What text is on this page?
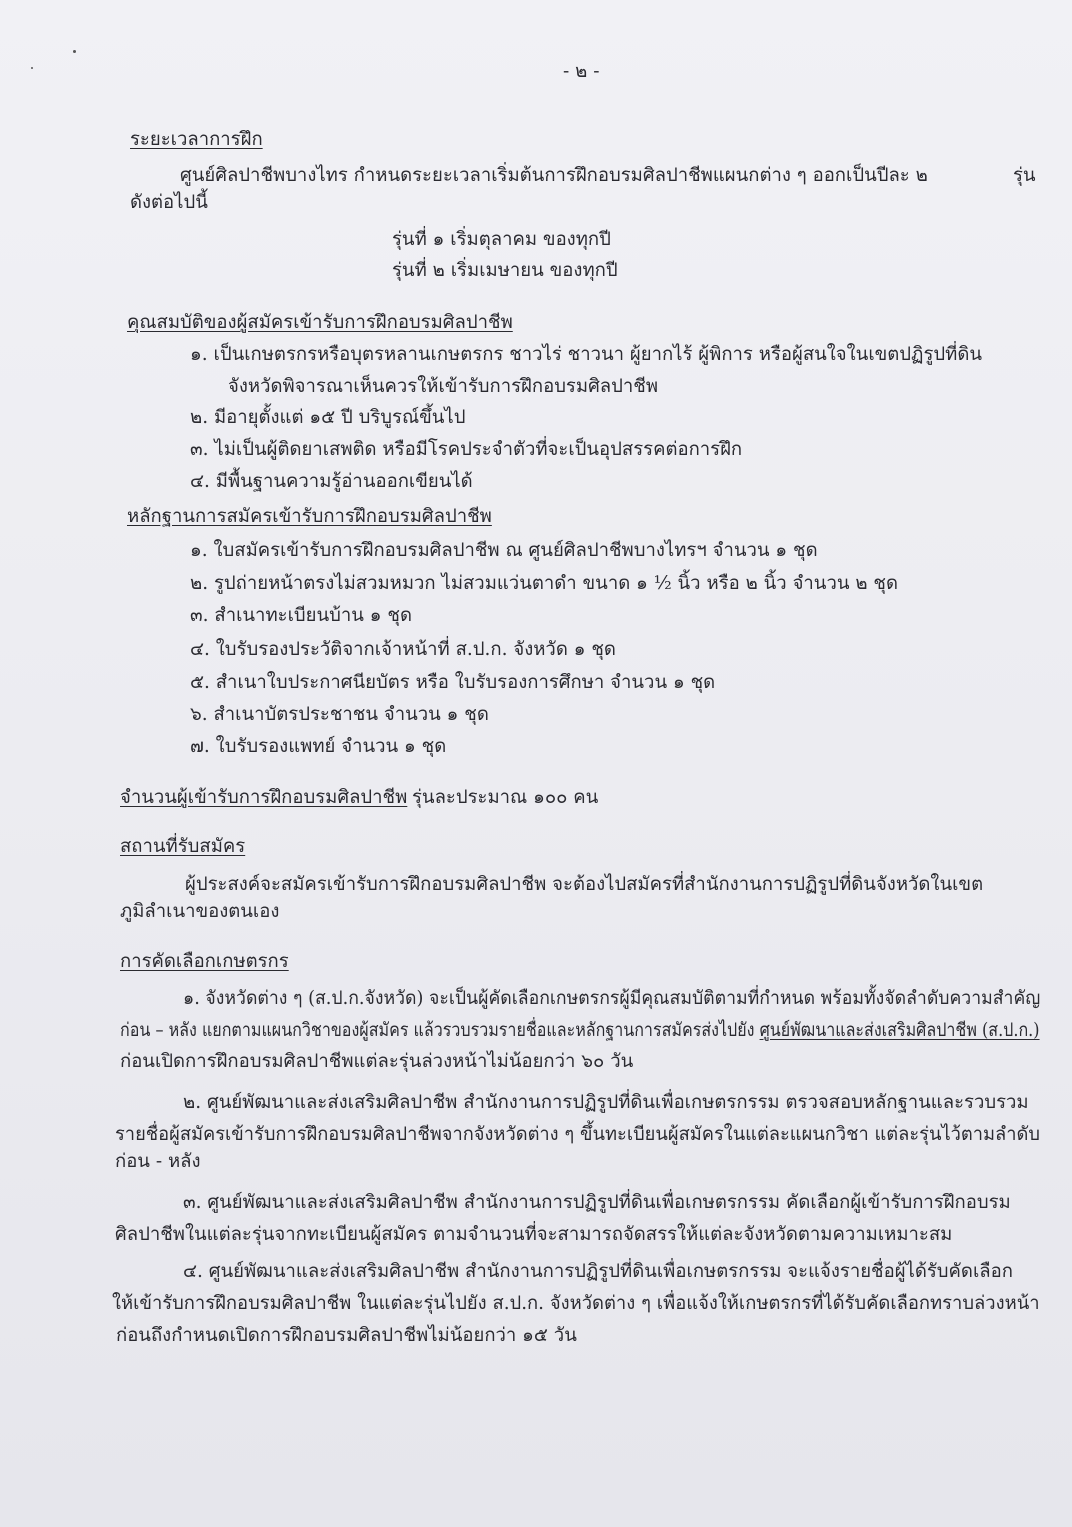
- ๒ -
ระยะเวลาการฝึก
ศูนย์ศิลปาชีพบางไทร กำหนดระยะเวลาเริ่มต้นการฝึกอบรมศิลปาชีพแผนกต่าง ๆ ออกเป็นปีละ ๒	รุ่น
ดังต่อไปนี้
รุ่นที่ ๑ เริ่มตุลาคม ของทุกปี
รุ่นที่ ๒ เริ่มเมษายน ของทุกปี
คุณสมบัติของผู้สมัครเข้ารับการฝึกอบรมศิลปาชีพ
๑. เป็นเกษตรกรหรือบุตรหลานเกษตรกร ชาวไร่ ชาวนา ผู้ยากไร้ ผู้พิการ หรือผู้สนใจในเขตปฏิรูปที่ดิน
จังหวัดพิจารณาเห็นควรให้เข้ารับการฝึกอบรมศิลปาชีพ
๒. มีอายุตั้งแต่ ๑๕ ปี บริบูรณ์ขึ้นไป
๓. ไม่เป็นผู้ติดยาเสพติด หรือมีโรคประจำตัวที่จะเป็นอุปสรรคต่อการฝึก
๔. มีพื้นฐานความรู้อ่านออกเขียนได้
หลักฐานการสมัครเข้ารับการฝึกอบรมศิลปาชีพ
๑. ใบสมัครเข้ารับการฝึกอบรมศิลปาชีพ ณ ศูนย์ศิลปาชีพบางไทรฯ จำนวน ๑ ชุด
๒. รูปถ่ายหน้าตรงไม่สวมหมวก ไม่สวมแว่นตาดำ ขนาด ๑ ½ นิ้ว หรือ ๒ นิ้ว จำนวน ๒ ชุด
๓. สำเนาทะเบียนบ้าน ๑ ชุด
๔. ใบรับรองประวัติจากเจ้าหน้าที่ ส.ป.ก. จังหวัด ๑ ชุด
๕. สำเนาใบประกาศนียบัตร หรือ ใบรับรองการศึกษา จำนวน ๑ ชุด
๖. สำเนาบัตรประชาชน จำนวน ๑ ชุด
๗. ใบรับรองแพทย์ จำนวน ๑ ชุด
จำนวนผู้เข้ารับการฝึกอบรมศิลปาชีพ รุ่นละประมาณ ๑๐๐ คน
สถานที่รับสมัคร
ผู้ประสงค์จะสมัครเข้ารับการฝึกอบรมศิลปาชีพ จะต้องไปสมัครที่สำนักงานการปฏิรูปที่ดินจังหวัดในเขต
ภูมิลำเนาของตนเอง
การคัดเลือกเกษตรกร
๑. จังหวัดต่าง ๆ (ส.ป.ก.จังหวัด) จะเป็นผู้คัดเลือกเกษตรกรผู้มีคุณสมบัติตามที่กำหนด พร้อมทั้งจัดลำดับความสำคัญ
ก่อน – หลัง แยกตามแผนกวิชาของผู้สมัคร แล้วรวบรวมรายชื่อและหลักฐานการสมัครส่งไปยัง ศูนย์พัฒนาและส่งเสริมศิลปาชีพ (ส.ป.ก.)
ก่อนเปิดการฝึกอบรมศิลปาชีพแต่ละรุ่นล่วงหน้าไม่น้อยกว่า ๖๐ วัน
๒. ศูนย์พัฒนาและส่งเสริมศิลปาชีพ สำนักงานการปฏิรูปที่ดินเพื่อเกษตรกรรม ตรวจสอบหลักฐานและรวบรวม
รายชื่อผู้สมัครเข้ารับการฝึกอบรมศิลปาชีพจากจังหวัดต่าง ๆ ขึ้นทะเบียนผู้สมัครในแต่ละแผนกวิชา แต่ละรุ่นไว้ตามลำดับ
ก่อน - หลัง
๓. ศูนย์พัฒนาและส่งเสริมศิลปาชีพ สำนักงานการปฏิรูปที่ดินเพื่อเกษตรกรรม คัดเลือกผู้เข้ารับการฝึกอบรม
ศิลปาชีพในแต่ละรุ่นจากทะเบียนผู้สมัคร ตามจำนวนที่จะสามารถจัดสรรให้แต่ละจังหวัดตามความเหมาะสม
๔. ศูนย์พัฒนาและส่งเสริมศิลปาชีพ สำนักงานการปฏิรูปที่ดินเพื่อเกษตรกรรม จะแจ้งรายชื่อผู้ได้รับคัดเลือก
ให้เข้ารับการฝึกอบรมศิลปาชีพ ในแต่ละรุ่นไปยัง ส.ป.ก. จังหวัดต่าง ๆ เพื่อแจ้งให้เกษตรกรที่ได้รับคัดเลือกทราบล่วงหน้า
ก่อนถึงกำหนดเปิดการฝึกอบรมศิลปาชีพไม่น้อยกว่า ๑๕ วัน
